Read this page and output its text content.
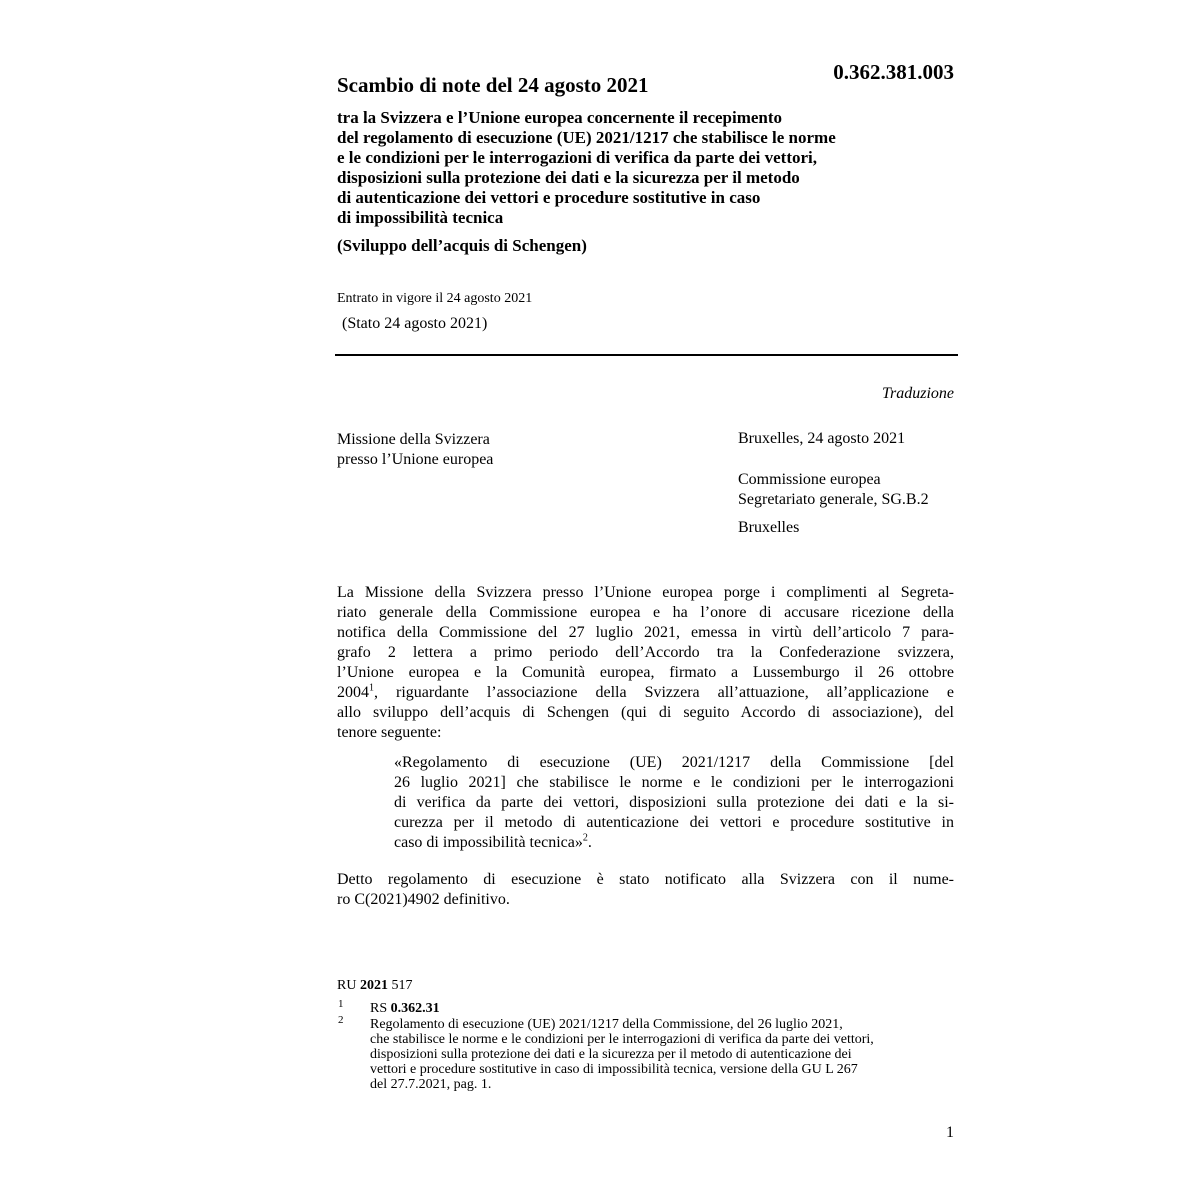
0.362.381.003
Scambio di note del 24 agosto 2021
tra la Svizzera e l’Unione europea concernente il recepimento
del regolamento di esecuzione (UE) 2021/1217 che stabilisce le norme
e le condizioni per le interrogazioni di verifica da parte dei vettori,
disposizioni sulla protezione dei dati e la sicurezza per il metodo
di autenticazione dei vettori e procedure sostitutive in caso
di impossibilità tecnica
(Sviluppo dell’acquis di Schengen)
Entrato in vigore il 24 agosto 2021
(Stato 24 agosto 2021)
Traduzione
Missione della Svizzera
presso l’Unione europea
Bruxelles, 24 agosto 2021
Commissione europea
Segretariato generale, SG.B.2
Bruxelles
La Missione della Svizzera presso l’Unione europea porge i complimenti al Segreta-
riato generale della Commissione europea e ha l’onore di accusare ricezione della
notifica della Commissione del 27 luglio 2021, emessa in virtù dell’articolo 7 para-
grafo 2 lettera a primo periodo dell’Accordo tra la Confederazione svizzera,
l’Unione europea e la Comunità europea, firmato a Lussemburgo il 26 ottobre
2004$^1$, riguardante l’associazione della Svizzera all’attuazione, all’applicazione e
allo sviluppo dell’acquis di Schengen (qui di seguito Accordo di associazione), del
tenore seguente:
«Regolamento di esecuzione (UE) 2021/1217 della Commissione [del
26 luglio 2021] che stabilisce le norme e le condizioni per le interrogazioni
di verifica da parte dei vettori, disposizioni sulla protezione dei dati e la si-
curezza per il metodo di autenticazione dei vettori e procedure sostitutive in
caso di impossibilità tecnica»$^2$.
Detto regolamento di esecuzione è stato notificato alla Svizzera con il nume-
ro C(2021)4902 definitivo.
RU 2021 517
1 RS 0.362.31
2 Regolamento di esecuzione (UE) 2021/1217 della Commissione, del 26 luglio 2021,
che stabilisce le norme e le condizioni per le interrogazioni di verifica da parte dei vettori,
disposizioni sulla protezione dei dati e la sicurezza per il metodo di autenticazione dei
vettori e procedure sostitutive in caso di impossibilità tecnica, versione della GU L 267
del 27.7.2021, pag. 1.
1
